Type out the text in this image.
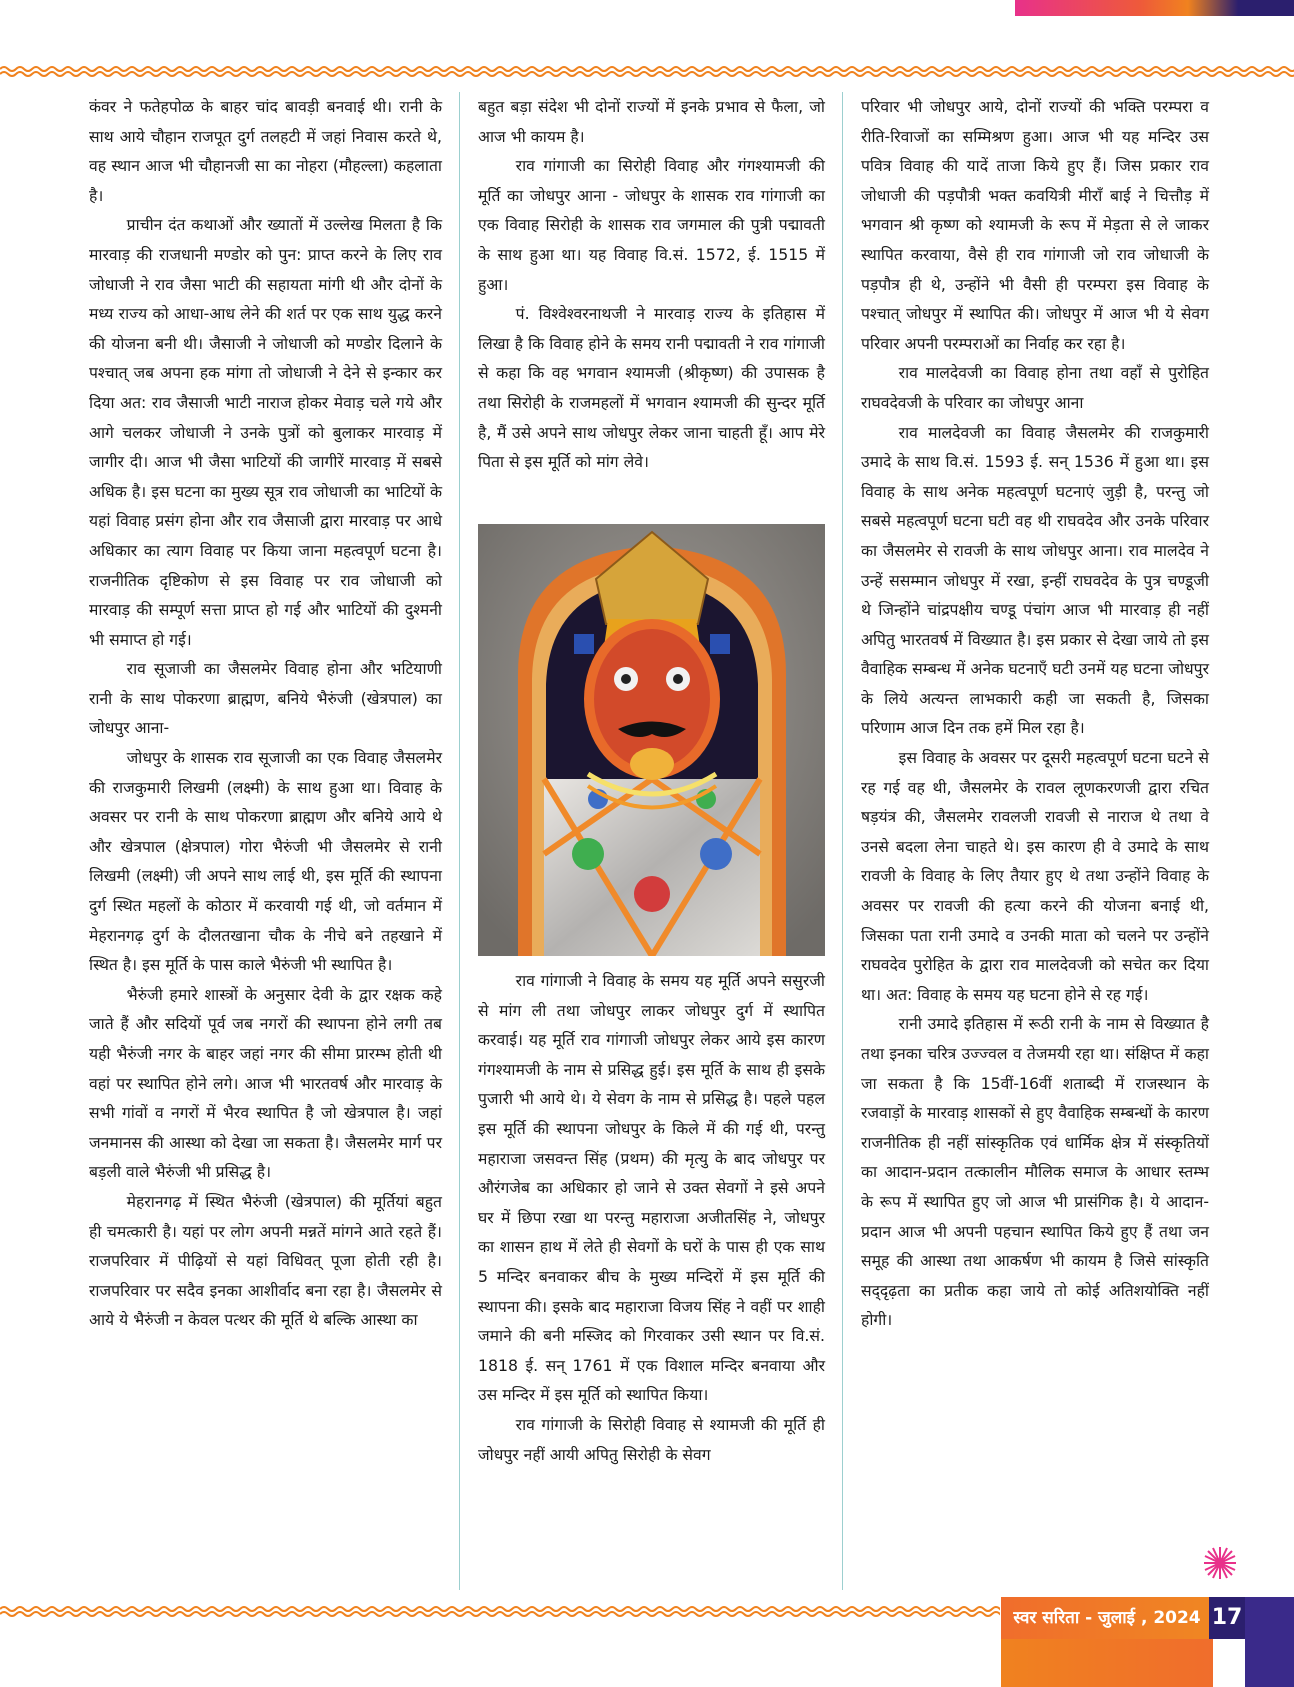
कंवर ने फतेहपोळ के बाहर चांद बावड़ी बनवाई थी। रानी के साथ आये चौहान राजपूत दुर्ग तलहटी में जहां निवास करते थे, वह स्थान आज भी चौहानजी सा का नोहरा (मौहल्ला) कहलाता है।

प्राचीन दंत कथाओं और ख्यातों में उल्लेख मिलता है कि मारवाड़ की राजधानी मण्डोर को पुन: प्राप्त करने के लिए राव जोधाजी ने राव जैसा भाटी की सहायता मांगी थी और दोनों के मध्य राज्य को आधा-आध लेने की शर्त पर एक साथ युद्ध करने की योजना बनी थी। जैसाजी ने जोधाजी को मण्डोर दिलाने के पश्चात् जब अपना हक मांगा तो जोधाजी ने देने से इन्कार कर दिया अत: राव जैसाजी भाटी नाराज होकर मेवाड़ चले गये और आगे चलकर जोधाजी ने उनके पुत्रों को बुलाकर मारवाड़ में जागीर दी। आज भी जैसा भाटियों की जागीरें मारवाड़ में सबसे अधिक है। इस घटना का मुख्य सूत्र राव जोधाजी का भाटियों के यहां विवाह प्रसंग होना और राव जैसाजी द्वारा मारवाड़ पर आधे अधिकार का त्याग विवाह पर किया जाना महत्वपूर्ण घटना है। राजनीतिक दृष्टिकोण से इस विवाह पर राव जोधाजी को मारवाड़ की सम्पूर्ण सत्ता प्राप्त हो गई और भाटियों की दुश्मनी भी समाप्त हो गई।

राव सूजाजी का जैसलमेर विवाह होना और भटियाणी रानी के साथ पोकरणा ब्राह्मण, बनिये भैरुंजी (खेत्रपाल) का जोधपुर आना-

जोधपुर के शासक राव सूजाजी का एक विवाह जैसलमेर की राजकुमारी लिखमी (लक्ष्मी) के साथ हुआ था। विवाह के अवसर पर रानी के साथ पोकरणा ब्राह्मण और बनिये आये थे और खेत्रपाल (क्षेत्रपाल) गोरा भैरुंजी भी जैसलमेर से रानी लिखमी (लक्ष्मी) जी अपने साथ लाई थी, इस मूर्ति की स्थापना दुर्ग स्थित महलों के कोठार में करवायी गई थी, जो वर्तमान में मेहरानगढ़ दुर्ग के दौलतखाना चौक के नीचे बने तहखाने में स्थित है। इस मूर्ति के पास काले भैरुंजी भी स्थापित है।

भैरुंजी हमारे शास्त्रों के अनुसार देवी के द्वार रक्षक कहे जाते हैं और सदियों पूर्व जब नगरों की स्थापना होने लगी तब यही भैरुंजी नगर के बाहर जहां नगर की सीमा प्रारम्भ होती थी वहां पर स्थापित होने लगे। आज भी भारतवर्ष और मारवाड़ के सभी गांवों व नगरों में भैरव स्थापित है जो खेत्रपाल है। जहां जनमानस की आस्था को देखा जा सकता है। जैसलमेर मार्ग पर बड़ली वाले भैरुंजी भी प्रसिद्ध है।

मेहरानगढ़ में स्थित भैरुंजी (खेत्रपाल) की मूर्तियां बहुत ही चमत्कारी है। यहां पर लोग अपनी मन्नतें मांगने आते रहते हैं। राजपरिवार में पीढ़ियों से यहां विधिवत् पूजा होती रही है। राजपरिवार पर सदैव इनका आशीर्वाद बना रहा है। जैसलमेर से आये ये भैरुंजी न केवल पत्थर की मूर्ति थे बल्कि आस्था का

बहुत बड़ा संदेश भी दोनों राज्यों में इनके प्रभाव से फैला, जो आज भी कायम है।

राव गांगाजी का सिरोही विवाह और गंगश्यामजी की मूर्ति का जोधपुर आना - जोधपुर के शासक राव गांगाजी का एक विवाह सिरोही के शासक राव जगमाल की पुत्री पद्मावती के साथ हुआ था। यह विवाह वि.सं. 1572, ई. 1515 में हुआ।

पं. विश्वेश्वरनाथजी ने मारवाड़ राज्य के इतिहास में लिखा है कि विवाह होने के समय रानी पद्मावती ने राव गांगाजी से कहा कि वह भगवान श्यामजी (श्रीकृष्ण) की उपासक है तथा सिरोही के राजमहलों में भगवान श्यामजी की सुन्दर मूर्ति है, मैं उसे अपने साथ जोधपुर लेकर जाना चाहती हूँ। आप मेरे पिता से इस मूर्ति को मांग लेवे।

राव गांगाजी ने विवाह के समय यह मूर्ति अपने ससुरजी से मांग ली तथा जोधपुर लाकर जोधपुर दुर्ग में स्थापित करवाई। यह मूर्ति राव गांगाजी जोधपुर लेकर आये इस कारण गंगश्यामजी के नाम से प्रसिद्ध हुई। इस मूर्ति के साथ ही इसके पुजारी भी आये थे। ये सेवग के नाम से प्रसिद्ध है। पहले पहल इस मूर्ति की स्थापना जोधपुर के किले में की गई थी, परन्तु महाराजा जसवन्त सिंह (प्रथम) की मृत्यु के बाद जोधपुर पर औरंगजेब का अधिकार हो जाने से उक्त सेवगों ने इसे अपने घर में छिपा रखा था परन्तु महाराजा अजीतसिंह ने, जोधपुर का शासन हाथ में लेते ही सेवगों के घरों के पास ही एक साथ 5 मन्दिर बनवाकर बीच के मुख्य मन्दिरों में इस मूर्ति की स्थापना की। इसके बाद महाराजा विजय सिंह ने वहीं पर शाही जमाने की बनी मस्जिद को गिरवाकर उसी स्थान पर वि.सं. 1818 ई. सन् 1761 में एक विशाल मन्दिर बनवाया और उस मन्दिर में इस मूर्ति को स्थापित किया।

राव गांगाजी के सिरोही विवाह से श्यामजी की मूर्ति ही जोधपुर नहीं आयी अपितु सिरोही के सेवग

परिवार भी जोधपुर आये, दोनों राज्यों की भक्ति परम्परा व रीति-रिवाजों का सम्मिश्रण हुआ। आज भी यह मन्दिर उस पवित्र विवाह की यादें ताजा किये हुए हैं। जिस प्रकार राव जोधाजी की पड़पौत्री भक्त कवयित्री मीराँ बाई ने चित्तौड़ में भगवान श्री कृष्ण को श्यामजी के रूप में मेड़ता से ले जाकर स्थापित करवाया, वैसे ही राव गांगाजी जो राव जोधाजी के पड़पौत्र ही थे, उन्होंने भी वैसी ही परम्परा इस विवाह के पश्चात् जोधपुर में स्थापित की। जोधपुर में आज भी ये सेवग परिवार अपनी परम्पराओं का निर्वाह कर रहा है।

राव मालदेवजी का विवाह होना तथा वहाँ से पुरोहित राघवदेवजी के परिवार का जोधपुर आना

राव मालदेवजी का विवाह जैसलमेर की राजकुमारी उमादे के साथ वि.सं. 1593 ई. सन् 1536 में हुआ था। इस विवाह के साथ अनेक महत्वपूर्ण घटनाएं जुड़ी है, परन्तु जो सबसे महत्वपूर्ण घटना घटी वह थी राघवदेव और उनके परिवार का जैसलमेर से रावजी के साथ जोधपुर आना। राव मालदेव ने उन्हें ससम्मान जोधपुर में रखा, इन्हीं राघवदेव के पुत्र चण्डूजी थे जिन्होंने चांद्रपक्षीय चण्डू पंचांग आज भी मारवाड़ ही नहीं अपितु भारतवर्ष में विख्यात है। इस प्रकार से देखा जाये तो इस वैवाहिक सम्बन्ध में अनेक घटनाएँ घटी उनमें यह घटना जोधपुर के लिये अत्यन्त लाभकारी कही जा सकती है, जिसका परिणाम आज दिन तक हमें मिल रहा है।

इस विवाह के अवसर पर दूसरी महत्वपूर्ण घटना घटने से रह गई वह थी, जैसलमेर के रावल लूणकरणजी द्वारा रचित षड़यंत्र की, जैसलमेर रावलजी रावजी से नाराज थे तथा वे उनसे बदला लेना चाहते थे। इस कारण ही वे उमादे के साथ रावजी के विवाह के लिए तैयार हुए थे तथा उन्होंने विवाह के अवसर पर रावजी की हत्या करने की योजना बनाई थी, जिसका पता रानी उमादे व उनकी माता को चलने पर उन्होंने राघवदेव पुरोहित के द्वारा राव मालदेवजी को सचेत कर दिया था। अत: विवाह के समय यह घटना होने से रह गई।

रानी उमादे इतिहास में रूठी रानी के नाम से विख्यात है तथा इनका चरित्र उज्ज्वल व तेजमयी रहा था। संक्षिप्त में कहा जा सकता है कि 15वीं-16वीं शताब्दी में राजस्थान के रजवाड़ों के मारवाड़ शासकों से हुए वैवाहिक सम्बन्धों के कारण राजनीतिक ही नहीं सांस्कृतिक एवं धार्मिक क्षेत्र में संस्कृतियों का आदान-प्रदान तत्कालीन मौलिक समाज के आधार स्तम्भ के रूप में स्थापित हुए जो आज भी प्रासंगिक है। ये आदान-प्रदान आज भी अपनी पहचान स्थापित किये हुए हैं तथा जन समूह की आस्था तथा आकर्षण भी कायम है जिसे सांस्कृति सद्‌दृढ़ता का प्रतीक कहा जाये तो कोई अतिशयोक्ति नहीं होगी।

स्वर सरिता - जुलाई , 2024 17
